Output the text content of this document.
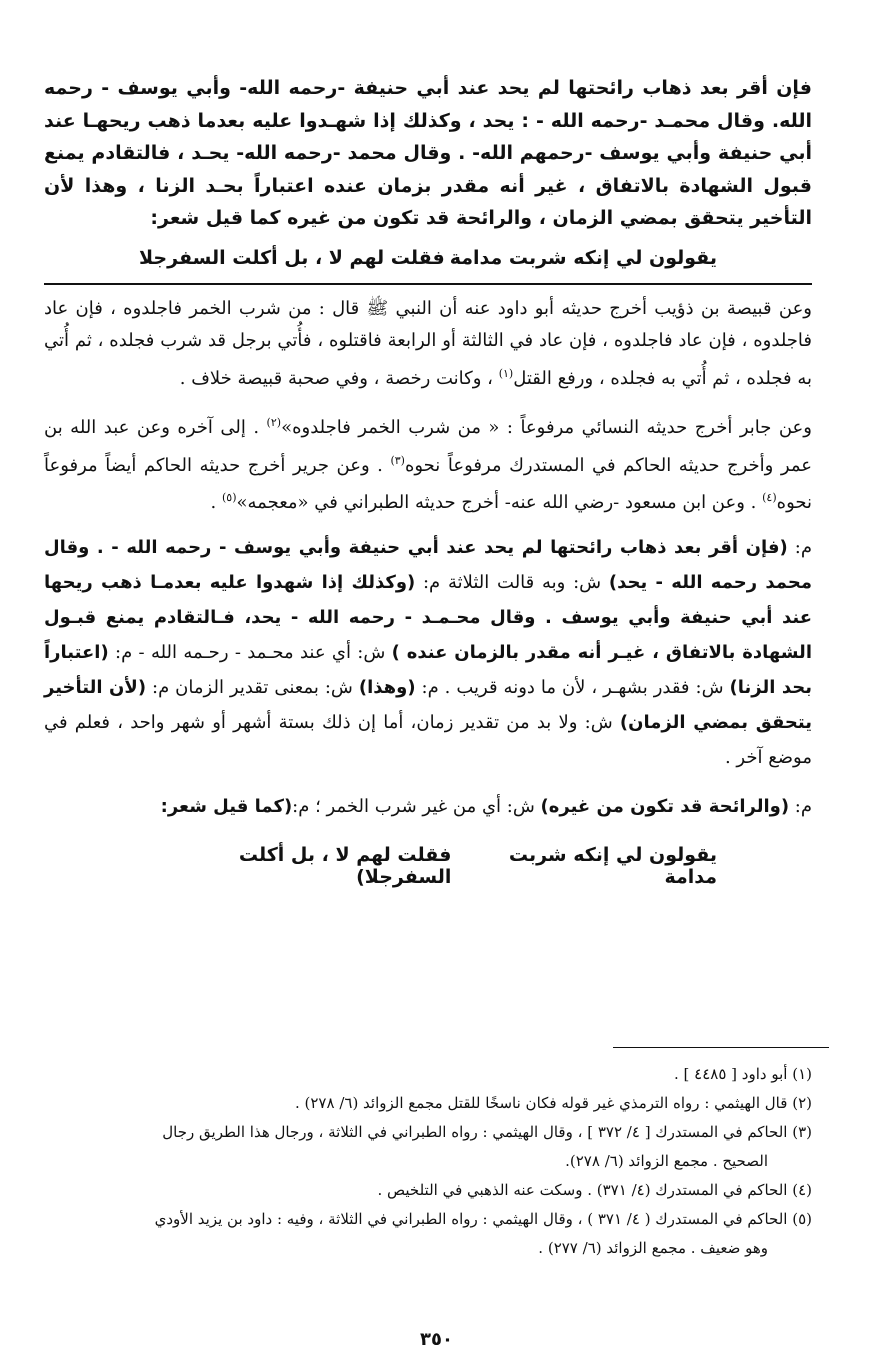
فإن أقر بعد ذهاب رائحتها لم يحد عند أبي حنيفة -رحمه الله- وأبي يوسف - رحمه الله. وقال محمـد -رحمه الله - : يحد ، وكذلك إذا شهـدوا عليه بعدما ذهب ريحهـا عند أبي حنيفة وأبي يوسف -رحمهم الله- . وقال محمد -رحمه الله- يحـد ، فالتقادم يمنع قبول الشهادة بالاتفاق ، غير أنه مقدر بزمان عنده اعتباراً بحـد الزنا ، وهذا لأن التأخير يتحقق بمضي الزمان ، والرائحة قد تكون من غيره كما قيل شعر:

يقولون لي إنكه شربت مدامة
فقلت لهم لا ، بل أكلت السفرجلا

وعن قبيصة بن ذؤيب أخرج حديثه أبو داود عنه أن النبي ﷺ قال : من شرب الخمر فاجلدوه ، فإن عاد فاجلدوه ، فإن عاد فاجلدوه ، فإن عاد في الثالثة أو الرابعة فاقتلوه ، فأُتي برجل قد شرب فجلده ، ثم أُتي به فجلده ، ثم أُتي به فجلده ، ورفع القتل$^{(١)}$ ، وكانت رخصة ، وفي صحبة قبيصة خلاف .

وعن جابر أخرج حديثه النسائي مرفوعاً : « من شرب الخمر فاجلدوه»$^{(٢)}$ . إلى آخره وعن عبد الله بن عمر وأخرج حديثه الحاكم في المستدرك مرفوعاً نحوه$^{(٣)}$ . وعن جرير أخرج حديثه الحاكم أيضاً مرفوعاً نحوه$^{(٤)}$ . وعن ابن مسعود -رضي الله عنه- أخرج حديثه الطبراني في «معجمه»$^{(٥)}$ .

م: (فإن أقر بعد ذهاب رائحتها لم يحد عند أبي حنيفة وأبي يوسف - رحمه الله - . وقال محمد رحمه الله - يحد) ش: وبه قالت الثلاثة م: (وكذلك إذا شهدوا عليه بعدمـا ذهب ريحها عند أبي حنيفة وأبي يوسف . وقال محـمـد - رحمه الله - يحد، فـالتقادم يمنع قبـول الشهادة بالاتفاق ، غيـر أنه مقدر بالزمان عنده ) ش: أي عند محـمد - رحـمه الله - م: (اعتباراً بحد الزنا) ش: فقدر بشهـر ، لأن ما دونه قريب . م: (وهذا) ش: بمعنى تقدير الزمان م: (لأن التأخير يتحقق بمضي الزمان) ش: ولا بد من تقدير زمان، أما إن ذلك بستة أشهر أو شهر واحد ، فعلم في موضع آخر .

م: (والرائحة قد تكون من غيره) ش: أي من غير شرب الخمر ؛ م:(كما قيل شعر:

يقولون لي إنكه شربت مدامة
فقلت لهم لا ، بل أكلت السفرجلا)

(١) أبو داود [ ٤٤٨٥ ] .

(٢) قال الهيثمي : رواه الترمذي غير قوله فكان ناسخًا للقتل مجمع الزوائد (٦/ ٢٧٨) .

(٣) الحاكم في المستدرك [ ٤/ ٣٧٢ ] ، وقال الهيثمي : رواه الطبراني في الثلاثة ، ورجال هذا الطريق رجال
الصحيح . مجمع الزوائد (٦/ ٢٧٨).

(٤) الحاكم في المستدرك (٤/ ٣٧١) . وسكت عنه الذهبي في التلخيص .

(٥) الحاكم في المستدرك ( ٤/ ٣٧١ ) ، وقال الهيثمي : رواه الطبراني في الثلاثة ، وفيه : داود بن يزيد الأودي
وهو ضعيف . مجمع الزوائد (٦/ ٢٧٧) .

٣٥٠
